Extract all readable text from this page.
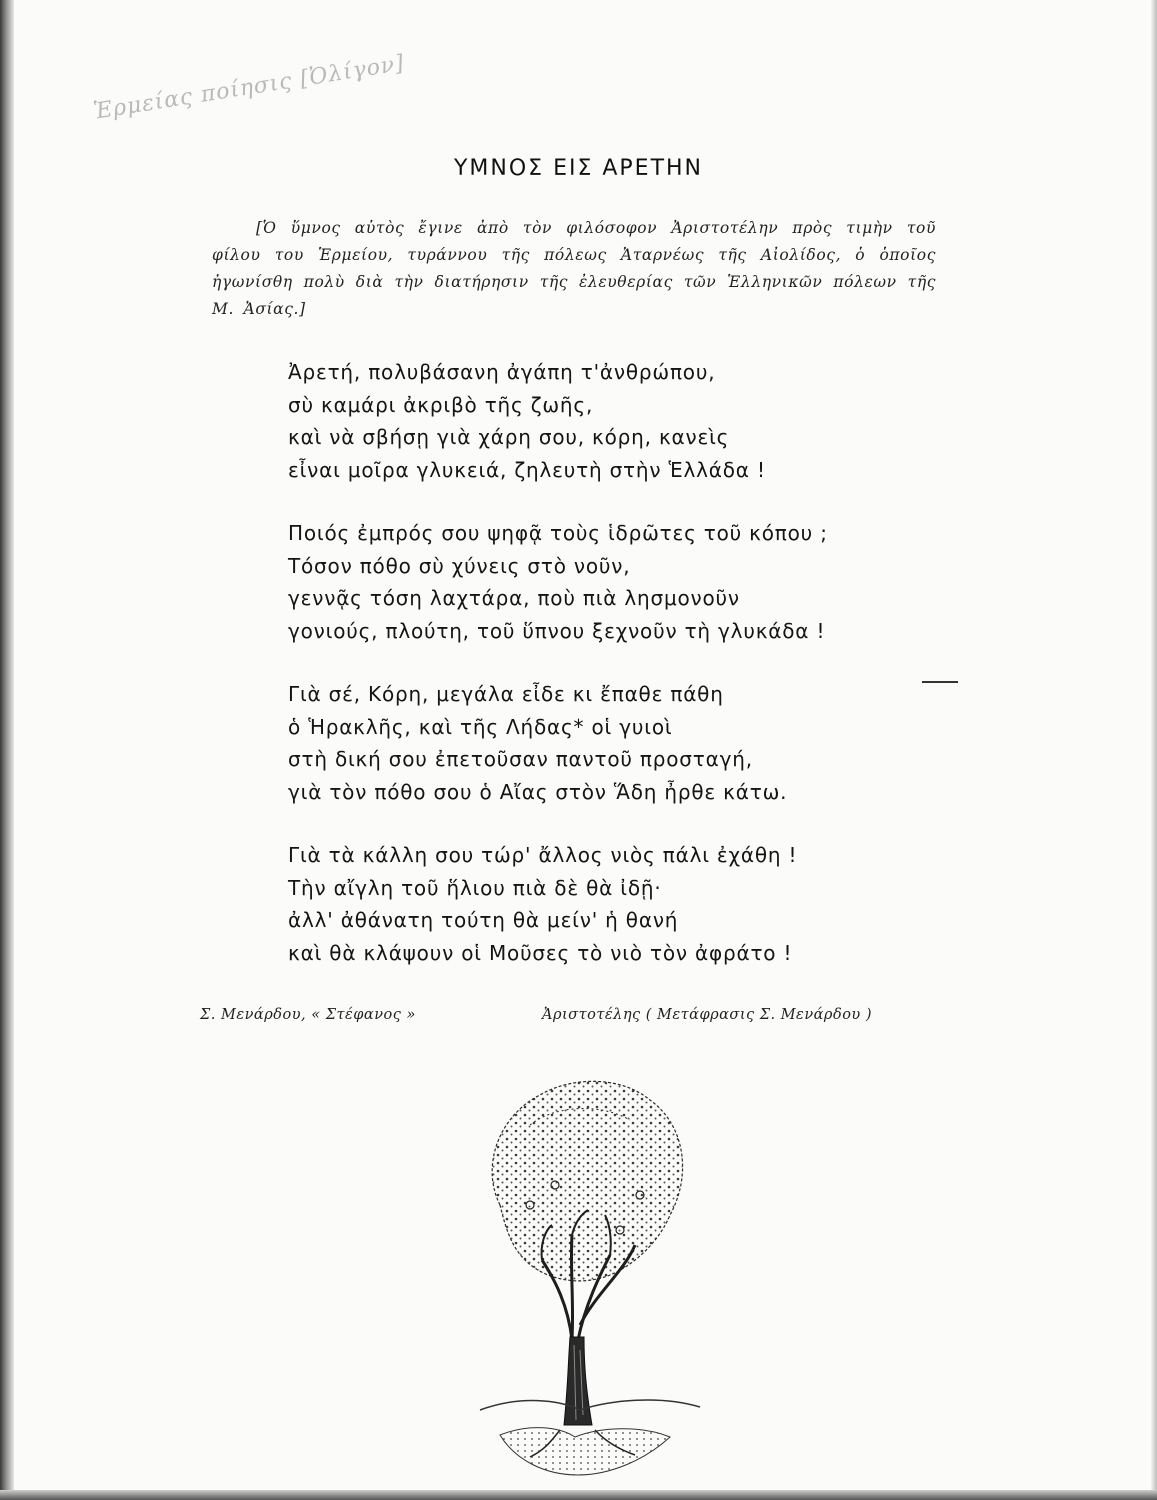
Ἑρμείας ποίησις [Ὀλίγον]
ΥΜΝΟΣ ΕΙΣ ΑΡΕΤΗΝ
[Ὁ ὕμνος αὐτὸς ἔγινε ἀπὸ τὸν φιλόσοφον Ἀριστοτέλην πρὸς τιμὴν τοῦ φίλου του Ἑρμείου, τυράννου τῆς πόλεως Ἀταρνέως τῆς Αἰολίδος, ὁ ὁποῖος ἠγωνίσθη πολὺ διὰ τὴν διατήρησιν τῆς ἐλευθερίας τῶν Ἑλληνικῶν πόλεων τῆς Μ. Ἀσίας.]
Ἀρετή, πολυβάσανη ἀγάπη τ'ἀνθρώπου,
σὺ καμάρι ἀκριβὸ τῆς ζωῆς,
καὶ νὰ σβήσῃ γιὰ χάρη σου, κόρη, κανεὶς
εἶναι μοῖρα γλυκειά, ζηλευτὴ στὴν Ἑλλάδα !
Ποιός ἐμπρός σου ψηφᾷ τοὺς ἱδρῶτες τοῦ κόπου ;
Τόσον πόθο σὺ χύνεις στὸ νοῦν,
γεννᾷς τόση λαχτάρα, ποὺ πιὰ λησμονοῦν
γονιούς, πλούτη, τοῦ ὕπνου ξεχνοῦν τὴ γλυκάδα !
Γιὰ σέ, Κόρη, μεγάλα εἶδε κι ἔπαθε πάθη
ὁ Ἡρακλῆς, καὶ τῆς Λήδας* οἱ γυιοὶ
στὴ δική σου ἐπετοῦσαν παντοῦ προσταγή,
γιὰ τὸν πόθο σου ὁ Αἴας στὸν Ἅδη ἦρθε κάτω.
Γιὰ τὰ κάλλη σου τώρ' ἄλλος νιὸς πάλι ἐχάθη !
Τὴν αἴγλη τοῦ ἥλιου πιὰ δὲ θὰ ἰδῇ·
ἀλλ' ἀθάνατη τούτη θὰ μείν' ἡ θανή
καὶ θὰ κλάψουν οἱ Μοῦσες τὸ νιὸ τὸν ἀφράτο !
Σ. Μενάρδου, « Στέφανος »	Ἀριστοτέλης ( Μετάφρασις Σ. Μενάρδου )
